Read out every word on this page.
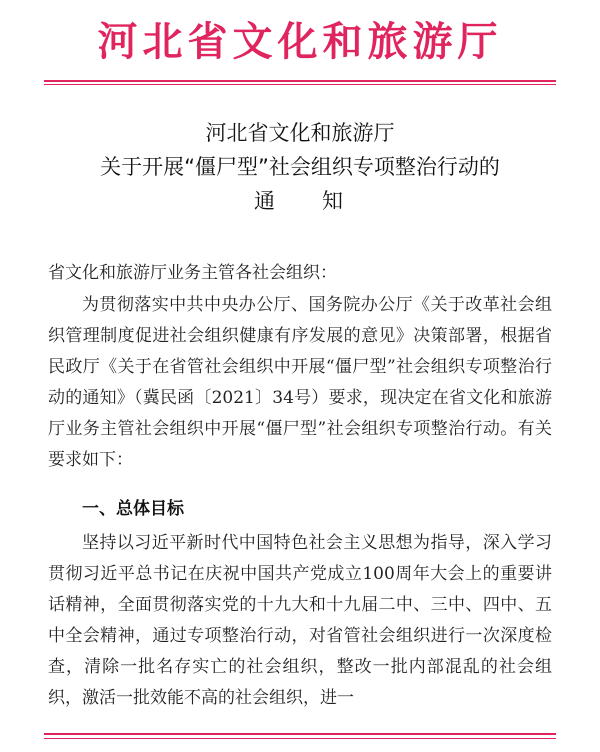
河北省文化和旅游厅
河北省文化和旅游厅
关于开展“僵尸型”社会组织专项整治行动的
通 知
省文化和旅游厅业务主管各社会组织：
为贯彻落实中共中央办公厅、国务院办公厅《关于改革社会组织管理制度促进社会组织健康有序发展的意见》决策部署，根据省民政厅《关于在省管社会组织中开展“僵尸型”社会组织专项整治行动的通知》（冀民函〔2021〕34号）要求，现决定在省文化和旅游厅业务主管社会组织中开展“僵尸型”社会组织专项整治行动。有关要求如下：
一、总体目标
坚持以习近平新时代中国特色社会主义思想为指导，深入学习贯彻习近平总书记在庆祝中国共产党成立100周年大会上的重要讲话精神，全面贯彻落实党的十九大和十九届二中、三中、四中、五中全会精神，通过专项整治行动，对省管社会组织进行一次深度检查，清除一批名存实亡的社会组织，整改一批内部混乱的社会组织，激活一批效能不高的社会组织，进一
